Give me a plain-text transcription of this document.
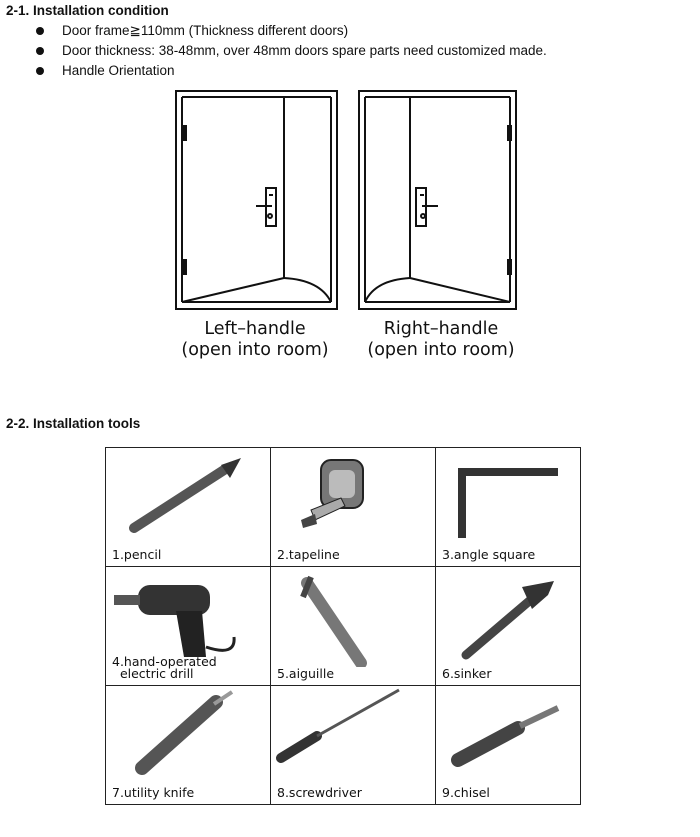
2-1. Installation condition
Door frame≧110mm (Thickness different doors)
Door thickness: 38-48mm, over 48mm doors spare parts need customized made.
Handle Orientation
Left–handle
(open into room)
Right–handle
(open into room)
2-2. Installation tools
1.pencil	2.tapeline	3.angle square

4.hand-operated
electric drill	5.aiguille	6.sinker

7.utility knife	8.screwdriver	9.chisel
